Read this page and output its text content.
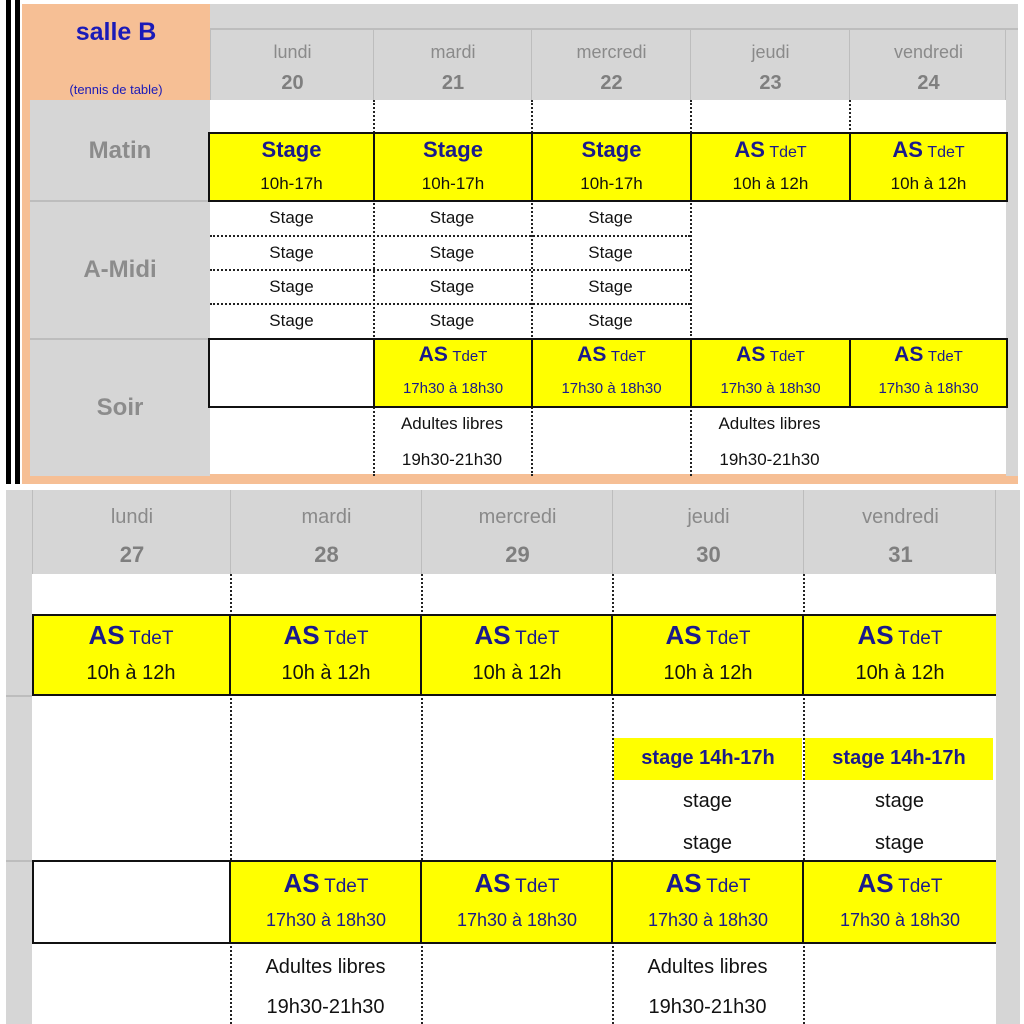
salle B
(tennis de table)
Matin
A-Midi
Soir
lundi
20
mardi
21
mercredi
22
jeudi
23
vendredi
24
Stage
10h-17h
Stage
10h-17h
Stage
10h-17h
AS TdeT
10h à 12h
AS TdeT
10h à 12h
Stage
Stage
Stage
Stage
Stage
Stage
Stage
Stage
Stage
Stage
Stage
Stage
AS TdeT
17h30 à 18h30
AS TdeT
17h30 à 18h30
AS TdeT
17h30 à 18h30
AS TdeT
17h30 à 18h30
Adultes libres
19h30-21h30
Adultes libres
19h30-21h30
lundi
27
mardi
28
mercredi
29
jeudi
30
vendredi
31
AS TdeT
10h à 12h
AS TdeT
10h à 12h
AS TdeT
10h à 12h
AS TdeT
10h à 12h
AS TdeT
10h à 12h
stage 14h-17h
stage
stage
stage 14h-17h
stage
stage
AS TdeT
17h30 à 18h30
AS TdeT
17h30 à 18h30
AS TdeT
17h30 à 18h30
AS TdeT
17h30 à 18h30
Adultes libres
19h30-21h30
Adultes libres
19h30-21h30
